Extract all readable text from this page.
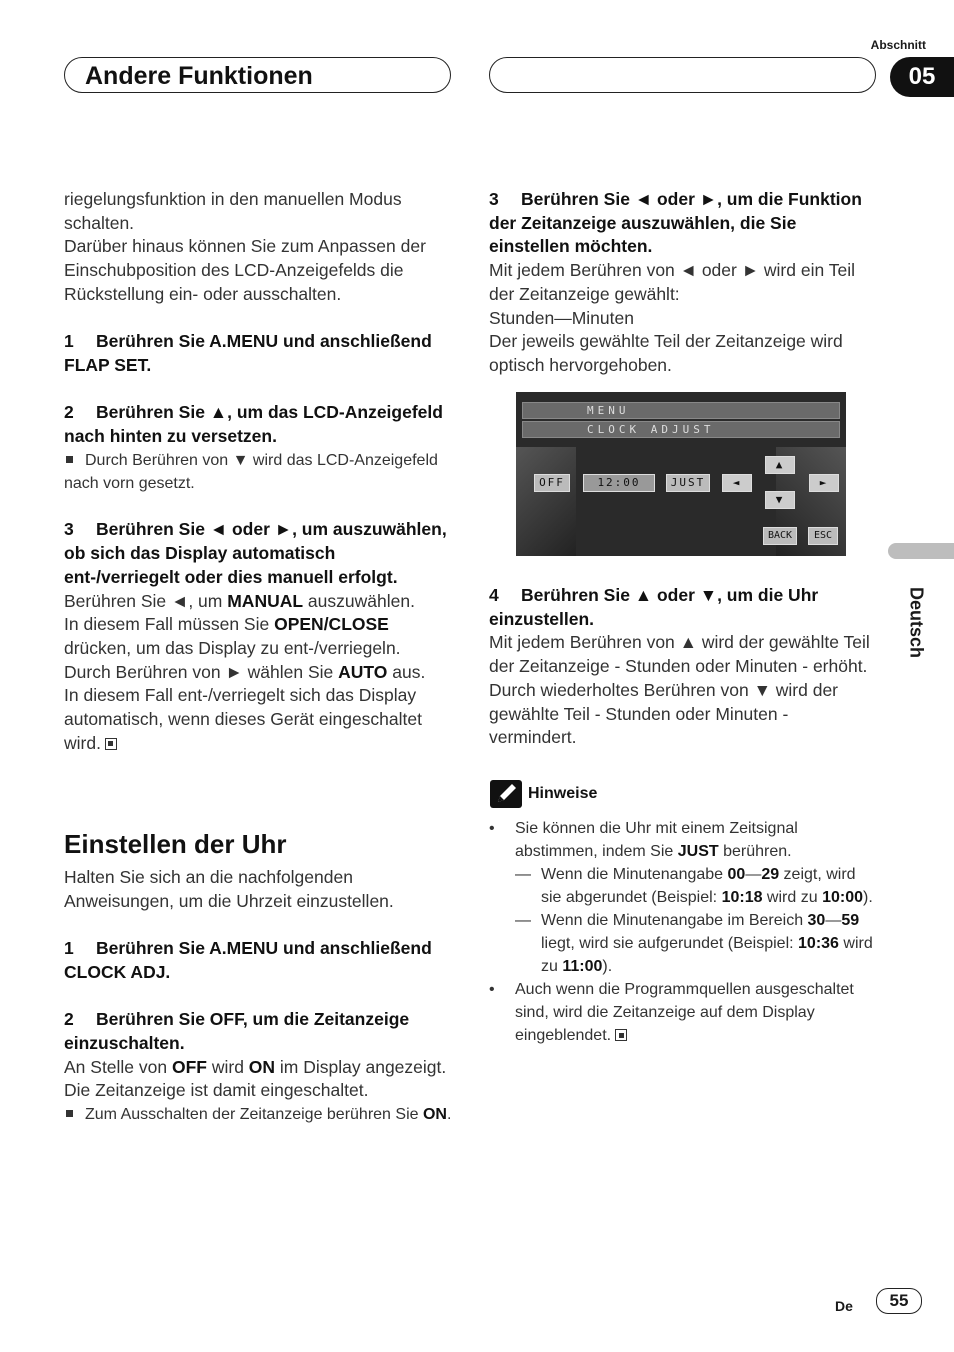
Andere Funktionen
Abschnitt
05

riegelungsfunktion in den manuellen Modus schalten.

Darüber hinaus können Sie zum Anpassen der Einschubposition des LCD-Anzeigefelds die Rückstellung ein- oder ausschalten.

1 Berühren Sie A.MENU und anschließend FLAP SET.

2 Berühren Sie ▲, um das LCD-Anzeigefeld nach hinten zu versetzen.

Durch Berühren von ▼ wird das LCD-Anzeigefeld nach vorn gesetzt.

3 Berühren Sie ◄ oder ►, um auszuwählen, ob sich das Display automatisch ent-/verriegelt oder dies manuell erfolgt.

Berühren Sie ◄, um MANUAL auszuwählen.
In diesem Fall müssen Sie OPEN/CLOSE drücken, um das Display zu ent-/verriegeln.
Durch Berühren von ► wählen Sie AUTO aus.
In diesem Fall ent-/verriegelt sich das Display automatisch, wenn dieses Gerät eingeschaltet wird.

Einstellen der Uhr

Halten Sie sich an die nachfolgenden Anweisungen, um die Uhrzeit einzustellen.

1 Berühren Sie A.MENU und anschließend CLOCK ADJ.

2 Berühren Sie OFF, um die Zeitanzeige einzuschalten.

An Stelle von OFF wird ON im Display angezeigt. Die Zeitanzeige ist damit eingeschaltet.

Zum Ausschalten der Zeitanzeige berühren Sie ON.

3 Berühren Sie ◄ oder ►, um die Funktion der Zeitanzeige auszuwählen, die Sie einstellen möchten.

Mit jedem Berühren von ◄ oder ► wird ein Teil der Zeitanzeige gewählt:

Stunden—Minuten

Der jeweils gewählte Teil der Zeitanzeige wird optisch hervorgehoben.

MENU
CLOCK ADJUST
OFF	12:00	JUST	◄
▲
▼
►
BACK	ESC

4 Berühren Sie ▲ oder ▼, um die Uhr einzustellen.

Mit jedem Berühren von ▲ wird der gewählte Teil der Zeitanzeige - Stunden oder Minuten - erhöht. Durch wiederholtes Berühren von ▼ wird der gewählte Teil - Stunden oder Minuten - vermindert.

Hinweise

• Sie können die Uhr mit einem Zeitsignal abstimmen, indem Sie JUST berühren.

— Wenn die Minutenangabe 00—29 zeigt, wird sie abgerundet (Beispiel: 10:18 wird zu 10:00).

— Wenn die Minutenangabe im Bereich 30—59 liegt, wird sie aufgerundet (Beispiel: 10:36 wird zu 11:00).

• Auch wenn die Programmquellen ausgeschaltet sind, wird die Zeitanzeige auf dem Display eingeblendet.

Deutsch
De	55
